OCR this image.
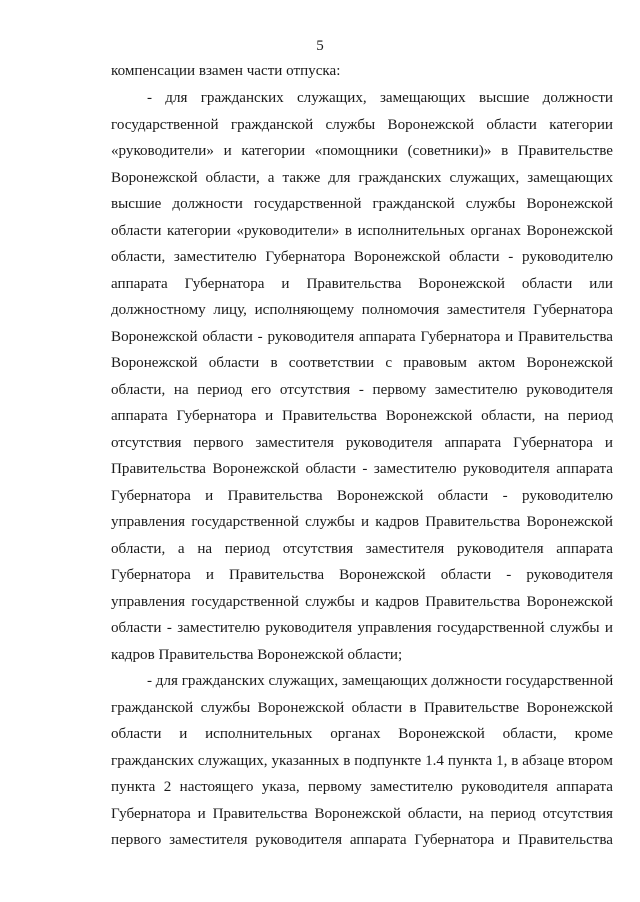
5
компенсации взамен части отпуска:
- для гражданских служащих, замещающих высшие должности
государственной гражданской службы Воронежской области категории
«руководители» и категории «помощники (советники)» в Правительстве
Воронежской области, а также для гражданских служащих, замещающих
высшие должности государственной гражданской службы Воронежской
области категории «руководители» в исполнительных органах Воронежской
области, заместителю Губернатора Воронежской области - руководителю
аппарата Губернатора и Правительства Воронежской области или
должностному лицу, исполняющему полномочия заместителя Губернатора
Воронежской области - руководителя аппарата Губернатора и Правительства
Воронежской области в соответствии с правовым актом Воронежской
области, на период его отсутствия - первому заместителю руководителя
аппарата Губернатора и Правительства Воронежской области, на период
отсутствия первого заместителя руководителя аппарата Губернатора и
Правительства Воронежской области - заместителю руководителя аппарата
Губернатора и Правительства Воронежской области - руководителю
управления государственной службы и кадров Правительства Воронежской
области, а на период отсутствия заместителя руководителя аппарата
Губернатора и Правительства Воронежской области - руководителя
управления государственной службы и кадров Правительства Воронежской
области - заместителю руководителя управления государственной службы и
кадров Правительства Воронежской области;
- для гражданских служащих, замещающих должности государственной
гражданской службы Воронежской области в Правительстве Воронежской
области и исполнительных органах Воронежской области, кроме
гражданских служащих, указанных в подпункте 1.4 пункта 1, в абзаце втором
пункта 2 настоящего указа, первому заместителю руководителя аппарата
Губернатора и Правительства Воронежской области, на период отсутствия
первого заместителя руководителя аппарата Губернатора и Правительства
